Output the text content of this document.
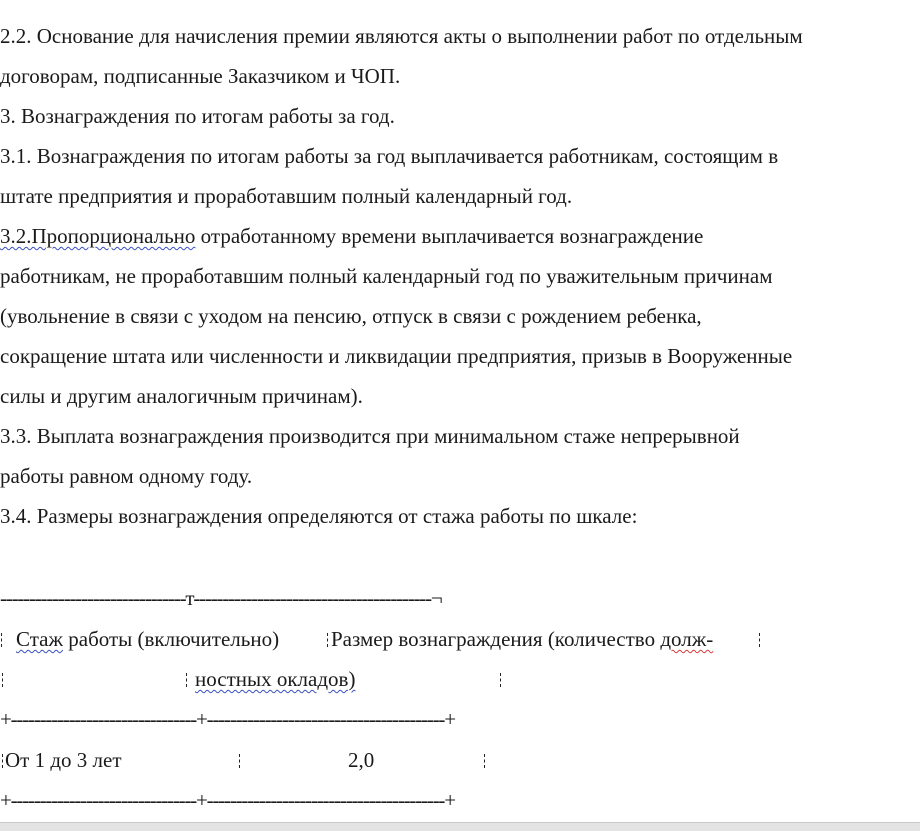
2.2. Основание для начисления премии являются акты о выполнении работ по отдельным

договорам, подписанные Заказчиком и ЧОП.

3. Вознаграждения по итогам работы за год.

3.1. Вознаграждения по итогам работы за год выплачивается работникам, состоящим в

штате предприятия и проработавшим полный календарный год.

3.2.Пропорционально отработанному времени выплачивается вознаграждение

работникам, не проработавшим полный календарный год по уважительным причинам

(увольнение в связи с уходом на пенсию, отпуск в связи с рождением ребенка,

сокращение штата или численности и ликвидации предприятия, призыв в Вооруженные

силы и другим аналогичным причинам).

3.3. Выплата вознаграждения производится при минимальном стаже непрерывной

работы равном одному году.

3.4. Размеры вознаграждения определяются от стажа работы по шкале:

--------------------------------т-----------------------------------------¬

Стаж работы (включительно) Размер вознаграждения (количество долж-

ностных окладов)

+--------------------------------+-----------------------------------------+

От 1 до 3 лет	2,0

+--------------------------------+-----------------------------------------+
